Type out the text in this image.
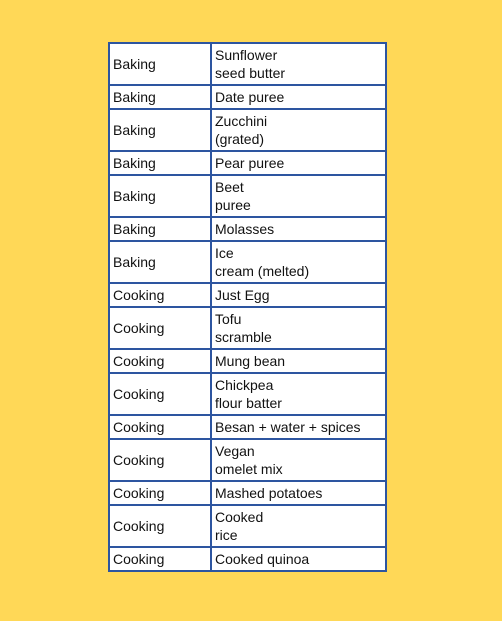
Baking	Sunflower
seed butter
Baking	Date puree
Baking	Zucchini
(grated)
Baking	Pear puree
Baking	Beet
puree
Baking	Molasses
Baking	Ice
cream (melted)
Cooking	Just Egg
Cooking	Tofu
scramble
Cooking	Mung bean
Cooking	Chickpea
flour batter
Cooking	Besan + water + spices
Cooking	Vegan
omelet mix
Cooking	Mashed potatoes
Cooking	Cooked
rice
Cooking	Cooked quinoa
